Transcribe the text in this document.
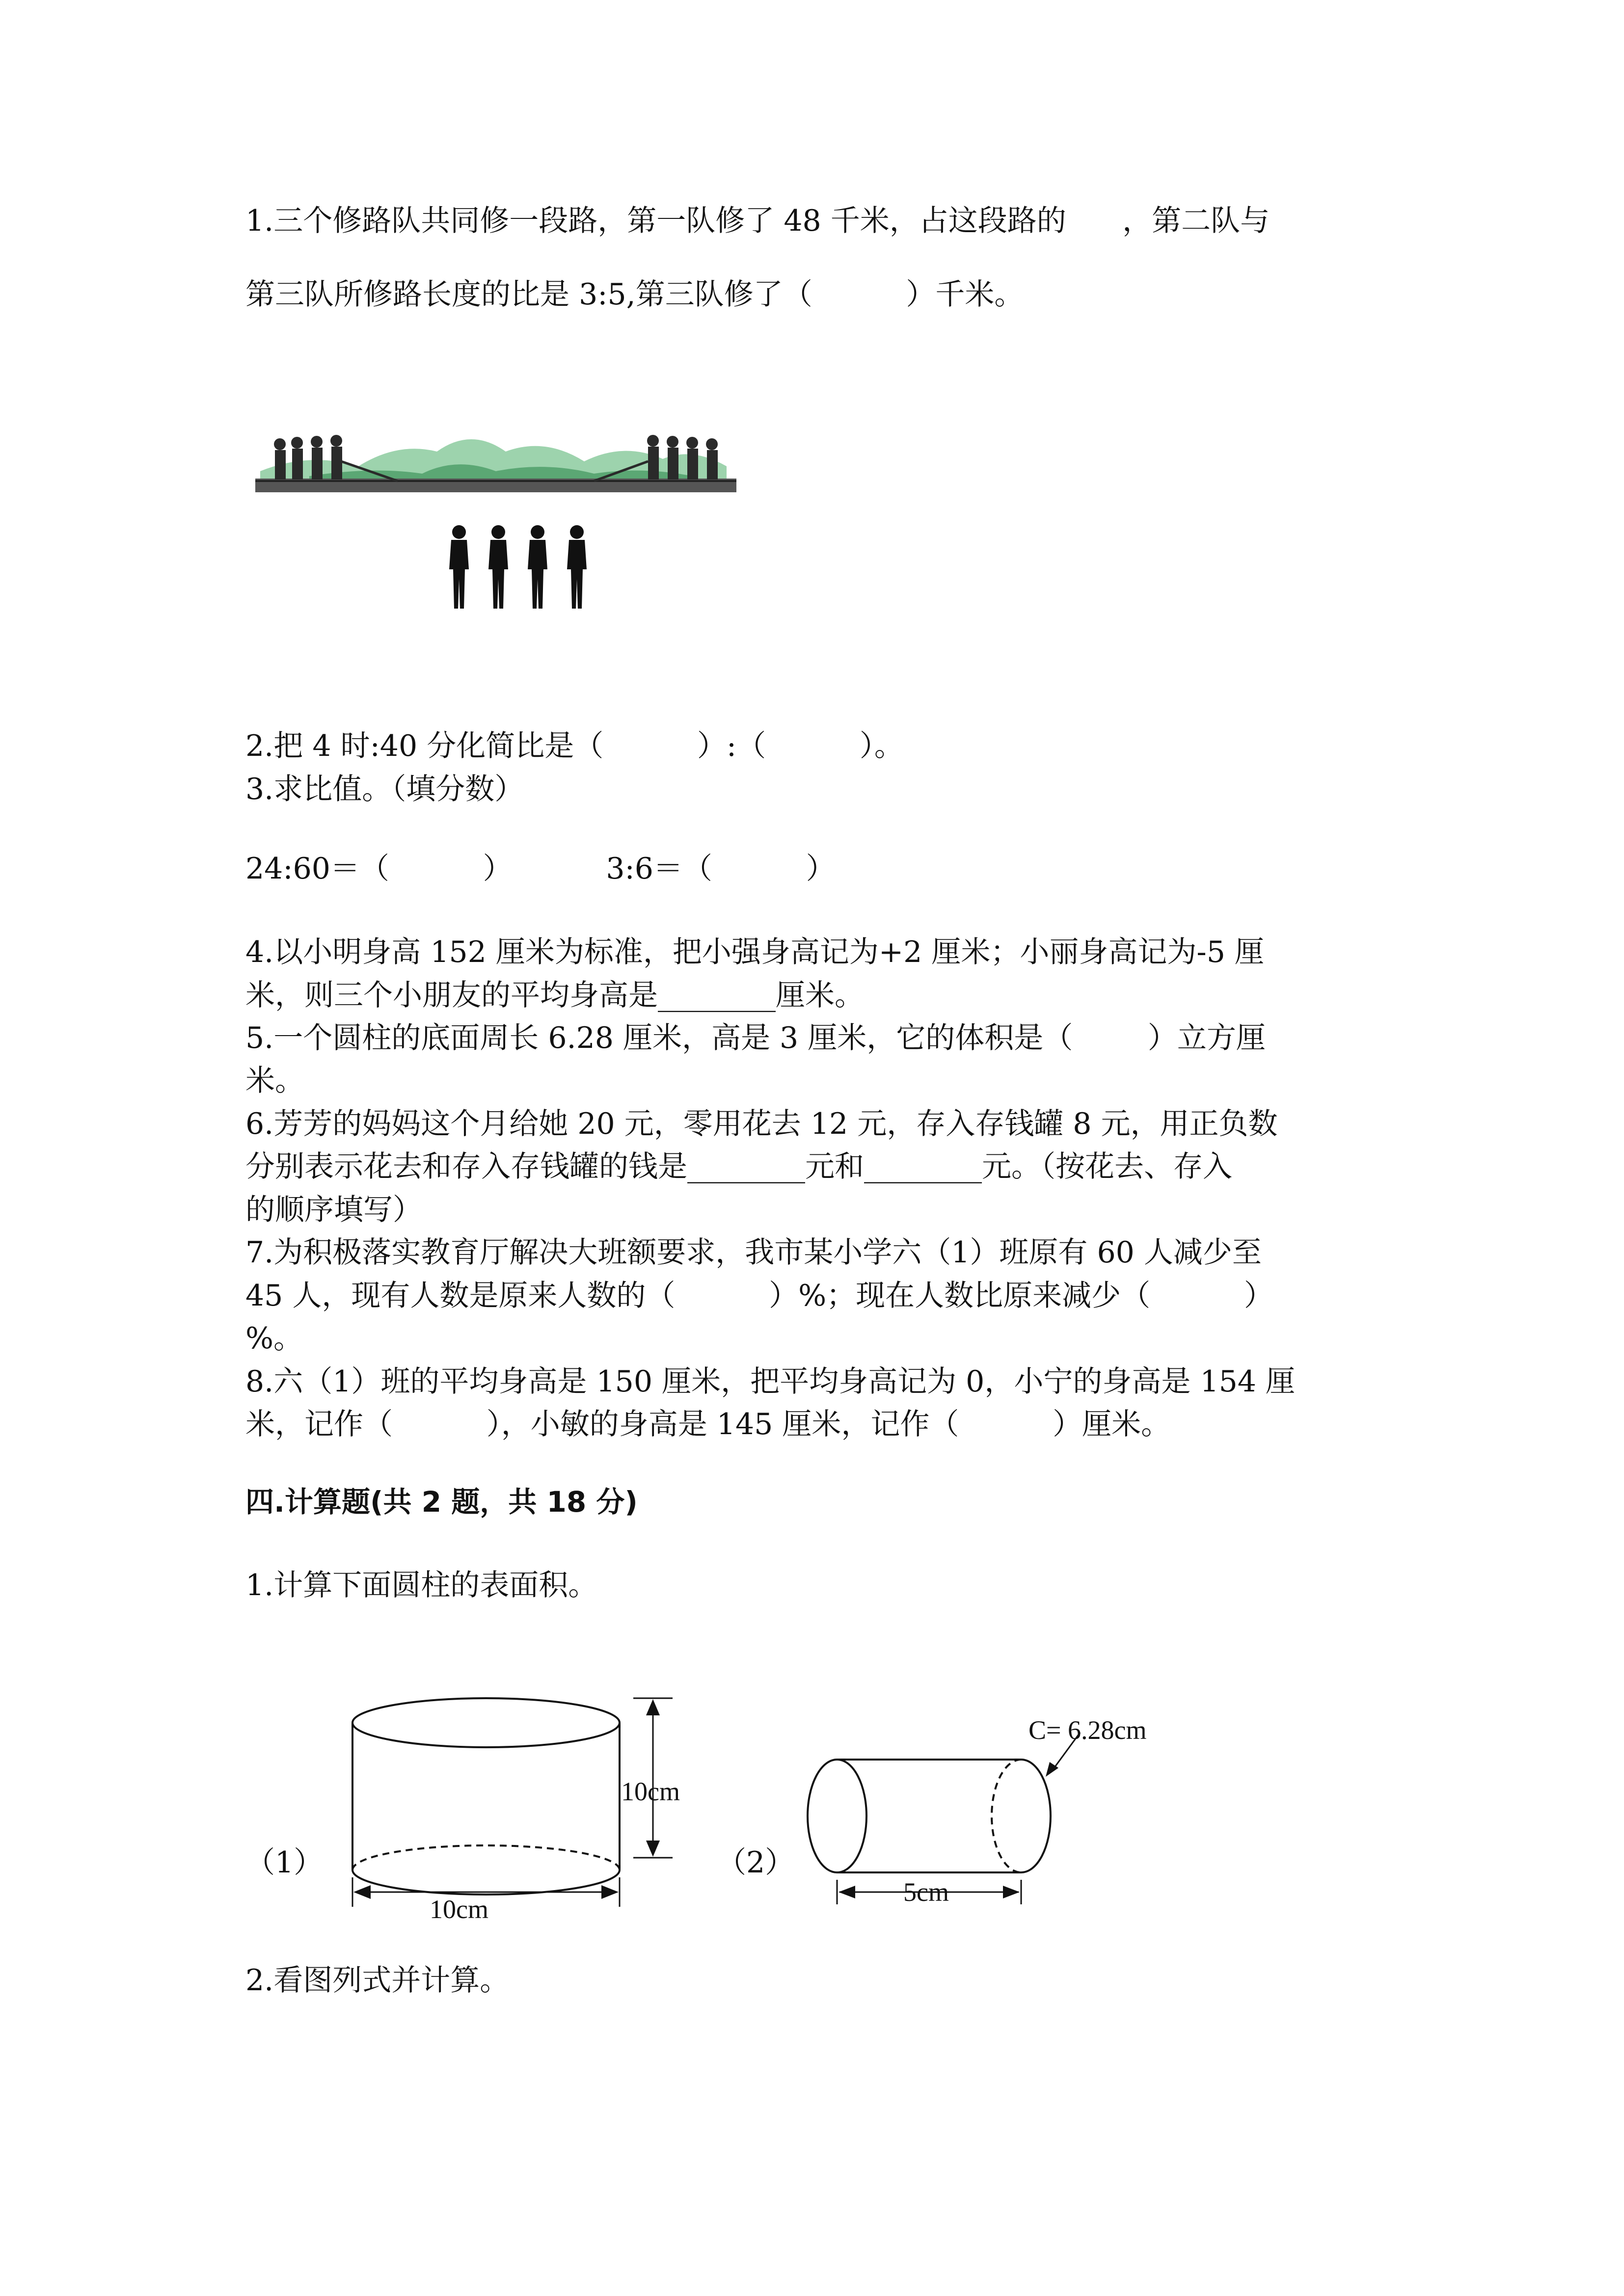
1.三个修路队共同修一段路，第一队修了 48 千米，占这段路的      ，第二队与
第三队所修路长度的比是 3:5,第三队修了（          ）千米。
2.把 4 时:40 分化简比是（          ）:（          ）。
3.求比值。（填分数）
24:60＝（          ）          3:6＝（          ）
4.以小明身高 152 厘米为标准，把小强身高记为+2 厘米；小丽身高记为-5 厘
米，则三个小朋友的平均身高是________厘米。
5.一个圆柱的底面周长 6.28 厘米，高是 3 厘米，它的体积是（        ）立方厘
米。
6.芳芳的妈妈这个月给她 20 元，零用花去 12 元，存入存钱罐 8 元，用正负数
分别表示花去和存入存钱罐的钱是________元和________元。（按花去、存入
的顺序填写）
7.为积极落实教育厅解决大班额要求，我市某小学六（1）班原有 60 人减少至
45 人，现有人数是原来人数的（          ）%；现在人数比原来减少（          ）
%。
8.六（1）班的平均身高是 150 厘米，把平均身高记为 0，小宁的身高是 154 厘
米，记作（          ），小敏的身高是 145 厘米，记作（          ）厘米。
四.计算题(共 2 题，共 18 分)
1.计算下面圆柱的表面积。
（1）
10cm
10cm
（2）
C= 6.28cm
5cm
2.看图列式并计算。
